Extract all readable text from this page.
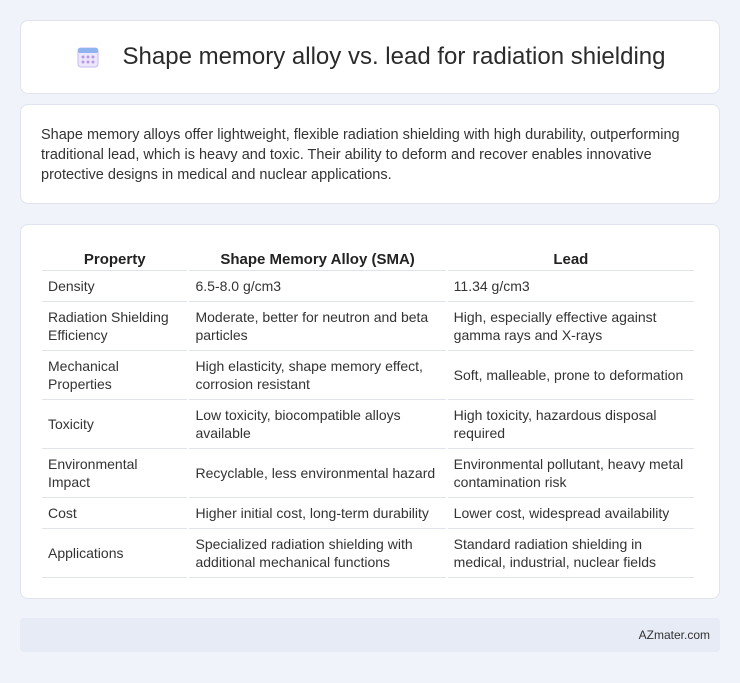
Shape memory alloy vs. lead for radiation shielding

Shape memory alloys offer lightweight, flexible radiation shielding with high durability, outperforming traditional lead, which is heavy and toxic. Their ability to deform and recover enables innovative protective designs in medical and nuclear applications.

Property	Shape Memory Alloy (SMA)	Lead
Density	6.5-8.0 g/cm3	11.34 g/cm3
Radiation Shielding Efficiency	Moderate, better for neutron and beta particles	High, especially effective against gamma rays and X-rays
Mechanical Properties	High elasticity, shape memory effect, corrosion resistant	Soft, malleable, prone to deformation
Toxicity	Low toxicity, biocompatible alloys available	High toxicity, hazardous disposal required
Environmental Impact	Recyclable, less environmental hazard	Environmental pollutant, heavy metal contamination risk
Cost	Higher initial cost, long-term durability	Lower cost, widespread availability
Applications	Specialized radiation shielding with additional mechanical functions	Standard radiation shielding in medical, industrial, nuclear fields
AZmater.com
